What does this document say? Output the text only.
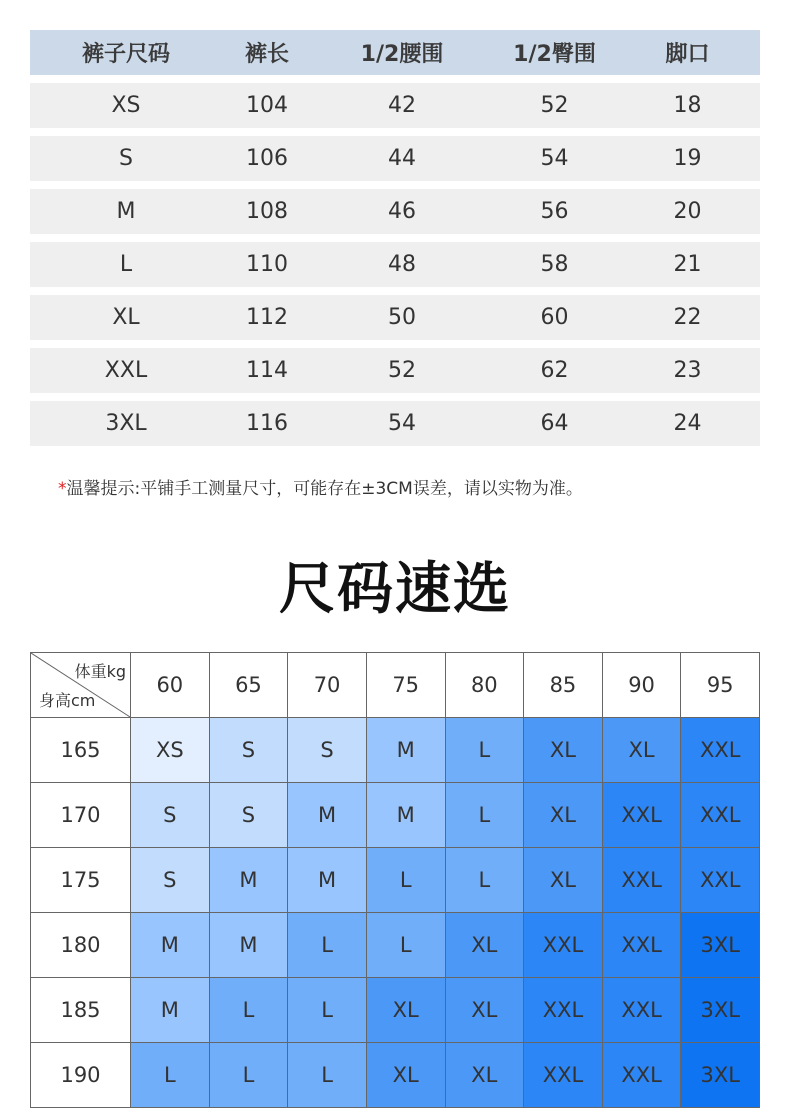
裤子尺码	裤长	1/2腰围	1/2臀围	脚口
XS	104	42	52	18
S	106	44	54	19
M	108	46	56	20
L	110	48	58	21
XL	112	50	60	22
XXL	114	52	62	23
3XL	116	54	64	24
*温馨提示:平铺手工测量尺寸，可能存在±3CM误差，请以实物为准。
尺码速选
体重kg
身高cm	60	65	70	75	80	85	90	95
165	XS	S	S	M	L	XL	XL	XXL
170	S	S	M	M	L	XL	XXL	XXL
175	S	M	M	L	L	XL	XXL	XXL
180	M	M	L	L	XL	XXL	XXL	3XL
185	M	L	L	XL	XL	XXL	XXL	3XL
190	L	L	L	XL	XL	XXL	XXL	3XL
